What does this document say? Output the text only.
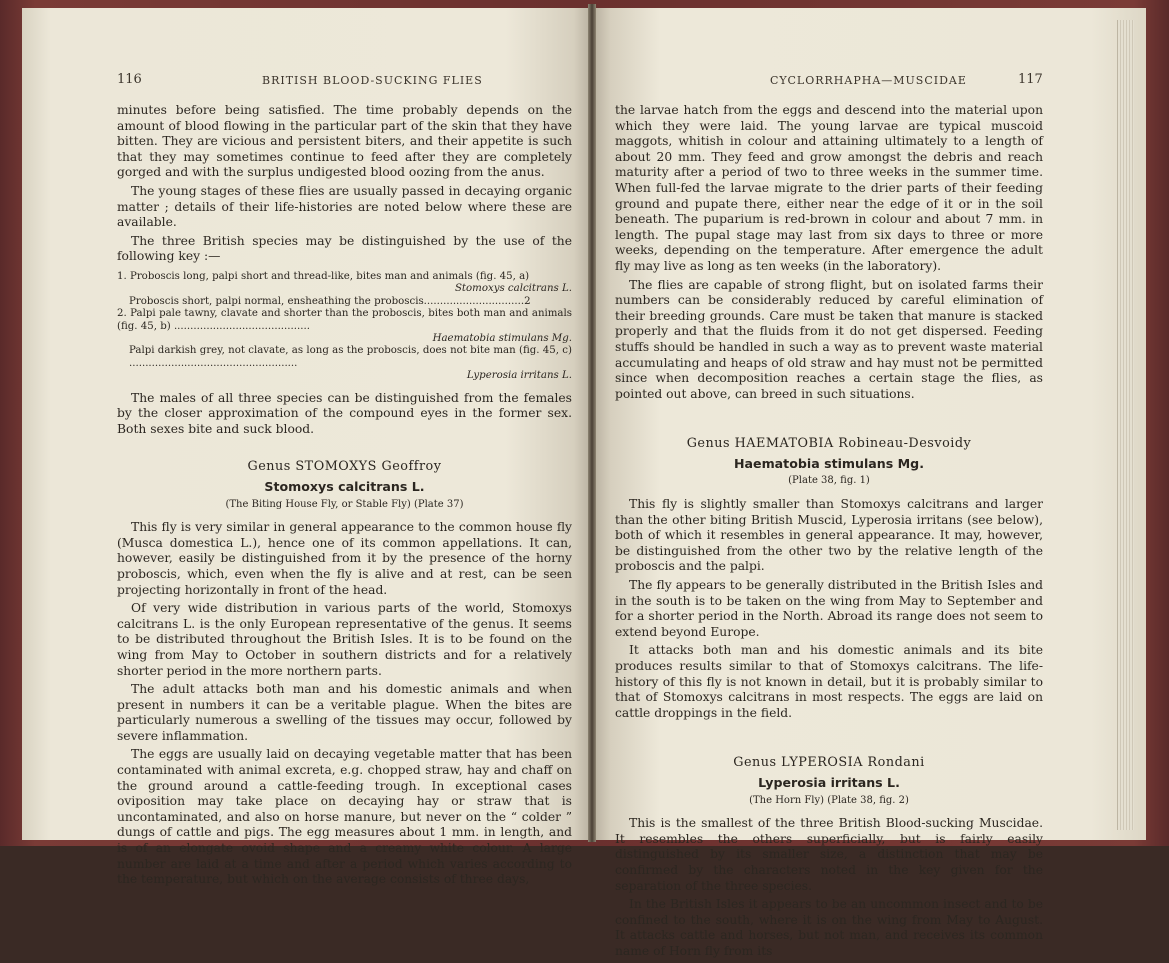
116	BRITISH BLOOD-SUCKING FLIES

minutes before being satisfied. The time probably depends on the amount of blood flowing in the particular part of the skin that they have bitten. They are vicious and persistent biters, and their appetite is such that they may sometimes continue to feed after they are completely gorged and with the surplus undigested blood oozing from the anus.

The young stages of these flies are usually passed in decaying organic matter ; details of their life-histories are noted below where these are available.

The three British species may be distinguished by the use of the following key :—

1. Proboscis long, palpi short and thread-like, bites man and animals (fig. 45, a)
Stomoxys calcitrans L.
Proboscis short, palpi normal, ensheathing the proboscis...............................2
2. Palpi pale tawny, clavate and shorter than the proboscis, bites both man and animals (fig. 45, b) ..........................................
Haematobia stimulans Mg.
Palpi darkish grey, not clavate, as long as the proboscis, does not bite man (fig. 45, c) ....................................................
Lyperosia irritans L.

The males of all three species can be distinguished from the females by the closer approximation of the compound eyes in the former sex. Both sexes bite and suck blood.

Genus STOMOXYS Geoffroy
Stomoxys calcitrans L.
(The Biting House Fly, or Stable Fly) (Plate 37)

This fly is very similar in general appearance to the common house fly (Musca domestica L.), hence one of its common appellations. It can, however, easily be distinguished from it by the presence of the horny proboscis, which, even when the fly is alive and at rest, can be seen projecting horizontally in front of the head.

Of very wide distribution in various parts of the world, Stomoxys calcitrans L. is the only European representative of the genus. It seems to be distributed throughout the British Isles. It is to be found on the wing from May to October in southern districts and for a relatively shorter period in the more northern parts.

The adult attacks both man and his domestic animals and when present in numbers it can be a veritable plague. When the bites are particularly numerous a swelling of the tissues may occur, followed by severe inflammation.

The eggs are usually laid on decaying vegetable matter that has been contaminated with animal excreta, e.g. chopped straw, hay and chaff on the ground around a cattle-feeding trough. In exceptional cases oviposition may take place on decaying hay or straw that is uncontaminated, and also on horse manure, but never on the “ colder ” dungs of cattle and pigs. The egg measures about 1 mm. in length, and is of an elongate ovoid shape and a creamy white colour. A large number are laid at a time and after a period which varies according to the temperature, but which on the average consists of three days,

CYCLORRHAPHA—MUSCIDAE	117

the larvae hatch from the eggs and descend into the material upon which they were laid. The young larvae are typical muscoid maggots, whitish in colour and attaining ultimately to a length of about 20 mm. They feed and grow amongst the debris and reach maturity after a period of two to three weeks in the summer time. When full-fed the larvae migrate to the drier parts of their feeding ground and pupate there, either near the edge of it or in the soil beneath. The puparium is red-brown in colour and about 7 mm. in length. The pupal stage may last from six days to three or more weeks, depending on the temperature. After emergence the adult fly may live as long as ten weeks (in the laboratory).

The flies are capable of strong flight, but on isolated farms their numbers can be considerably reduced by careful elimination of their breeding grounds. Care must be taken that manure is stacked properly and that the fluids from it do not get dispersed. Feeding stuffs should be handled in such a way as to prevent waste material accumulating and heaps of old straw and hay must not be permitted since when decomposition reaches a certain stage the flies, as pointed out above, can breed in such situations.

Genus HAEMATOBIA Robineau-Desvoidy
Haematobia stimulans Mg.
(Plate 38, fig. 1)

This fly is slightly smaller than Stomoxys calcitrans and larger than the other biting British Muscid, Lyperosia irritans (see below), both of which it resembles in general appearance. It may, however, be distinguished from the other two by the relative length of the proboscis and the palpi.

The fly appears to be generally distributed in the British Isles and in the south is to be taken on the wing from May to September and for a shorter period in the North. Abroad its range does not seem to extend beyond Europe.

It attacks both man and his domestic animals and its bite produces results similar to that of Stomoxys calcitrans. The life-history of this fly is not known in detail, but it is probably similar to that of Stomoxys calcitrans in most respects. The eggs are laid on cattle droppings in the field.

Genus LYPEROSIA Rondani
Lyperosia irritans L.
(The Horn Fly) (Plate 38, fig. 2)

This is the smallest of the three British Blood-sucking Muscidae. It resembles the others superficially, but is fairly easily distinguished by its smaller size, a distinction that may be confirmed by the characters noted in the key given for the separation of the three species.

In the British Isles it appears to be an uncommon insect and to be confined to the south, where it is on the wing from May to August. It attacks cattle and horses, but not man, and receives its common name of Horn fly from its
